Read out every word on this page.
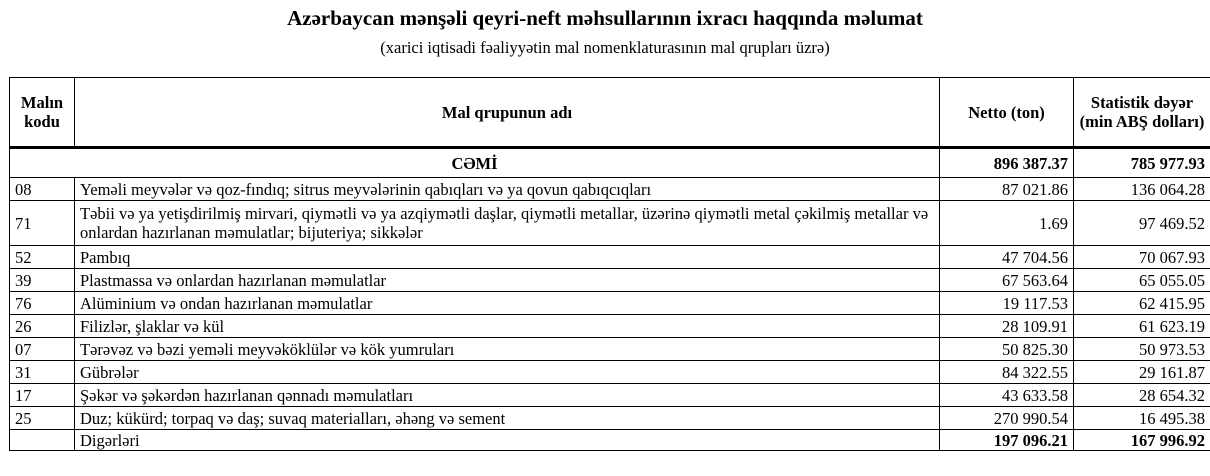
Azərbaycan mənşəli qeyri-neft məhsullarının ixracı haqqında məlumat
(xarici iqtisadi fəaliyyətin mal nomenklaturasının mal qrupları üzrə)
Malın kodu	Mal qrupunun adı	Netto (ton)	Statistik dəyər (min ABŞ dolları)
CƏMİ		896 387.37	785 977.93
08	Yeməli meyvələr və qoz-fındıq; sitrus meyvələrinin qabıqları və ya qovun qabıqcıqları	87 021.86	136 064.28
71	Təbii və ya yetişdirilmiş mirvari, qiymətli və ya azqiymətli daşlar, qiymətli metallar, üzərinə qiymətli metal çəkilmiş metallar və onlardan hazırlanan məmulatlar; bijuteriya; sikkələr	1.69	97 469.52
52	Pambıq	47 704.56	70 067.93
39	Plastmassa və onlardan hazırlanan məmulatlar	67 563.64	65 055.05
76	Alüminium və ondan hazırlanan məmulatlar	19 117.53	62 415.95
26	Filizlər, şlaklar və kül	28 109.91	61 623.19
07	Tərəvəz və bəzi yeməli meyvəköklülər və kök yumruları	50 825.30	50 973.53
31	Gübrələr	84 322.55	29 161.87
17	Şəkər və şəkərdən hazırlanan qənnadı məmulatları	43 633.58	28 654.32
25	Duz; kükürd; torpaq və daş; suvaq materialları, əhəng və sement	270 990.54	16 495.38
	Digərləri	197 096.21	167 996.92
